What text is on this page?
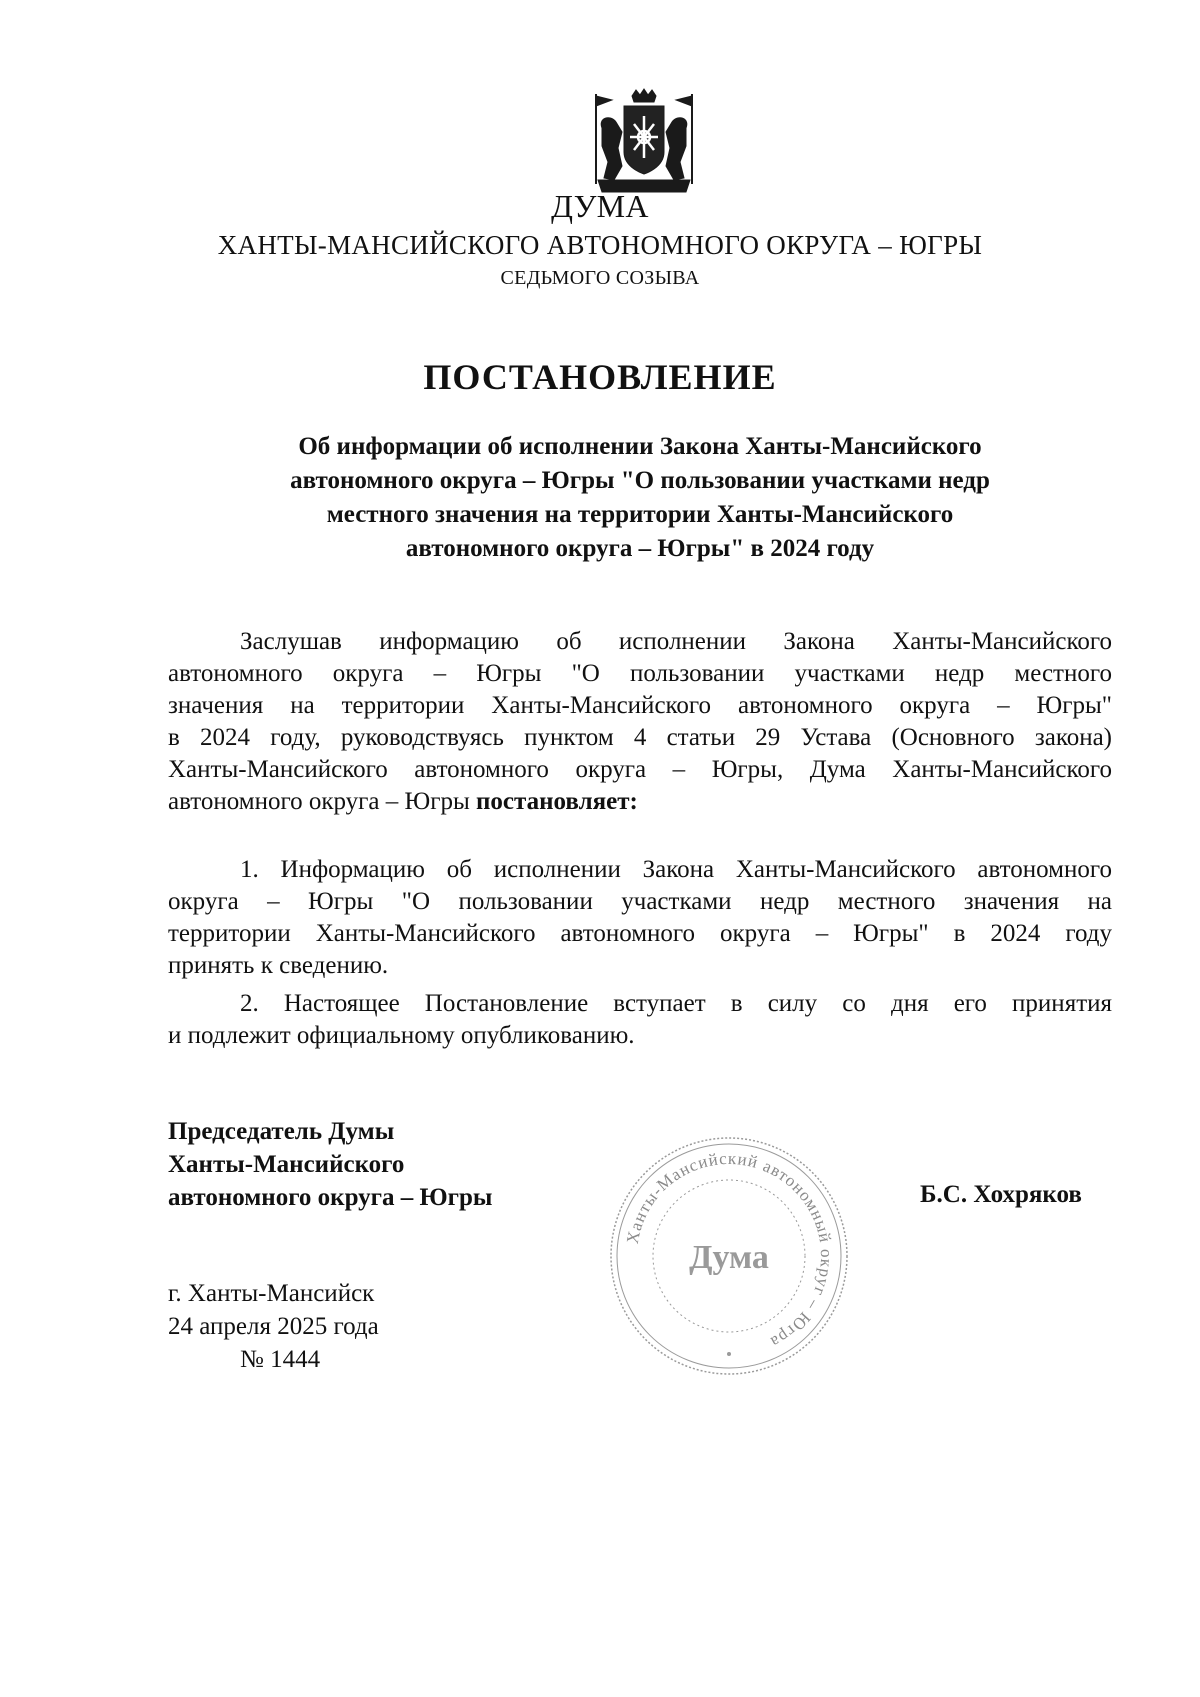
ДУМА
ХАНТЫ-МАНСИЙСКОГО АВТОНОМНОГО ОКРУГА – ЮГРЫ
СЕДЬМОГО СОЗЫВА
ПОСТАНОВЛЕНИЕ
Об информации об исполнении Закона Ханты-Мансийского
автономного округа – Югры "О пользовании участками недр
местного значения на территории Ханты-Мансийского
автономного округа – Югры" в 2024 году
Заслушав информацию об исполнении Закона Ханты-Мансийского
автономного округа – Югры "О пользовании участками недр местного
значения на территории Ханты-Мансийского автономного округа – Югры"
в 2024 году, руководствуясь пунктом 4 статьи 29 Устава (Основного закона)
Ханты-Мансийского автономного округа – Югры, Дума Ханты-Мансийского
автономного округа – Югры постановляет:
1. Информацию об исполнении Закона Ханты-Мансийского автономного
округа – Югры "О пользовании участками недр местного значения на
территории Ханты-Мансийского автономного округа – Югры" в 2024 году
принять к сведению.
2. Настоящее Постановление вступает в силу со дня его принятия
и подлежит официальному опубликованию.
Председатель Думы
Ханты-Мансийского
автономного округа – Югры
Ханты-Мансийский автономный округ – Югра
Дума
Б.С. Хохряков
г. Ханты-Мансийск
24 апреля 2025 года
№ 1444
